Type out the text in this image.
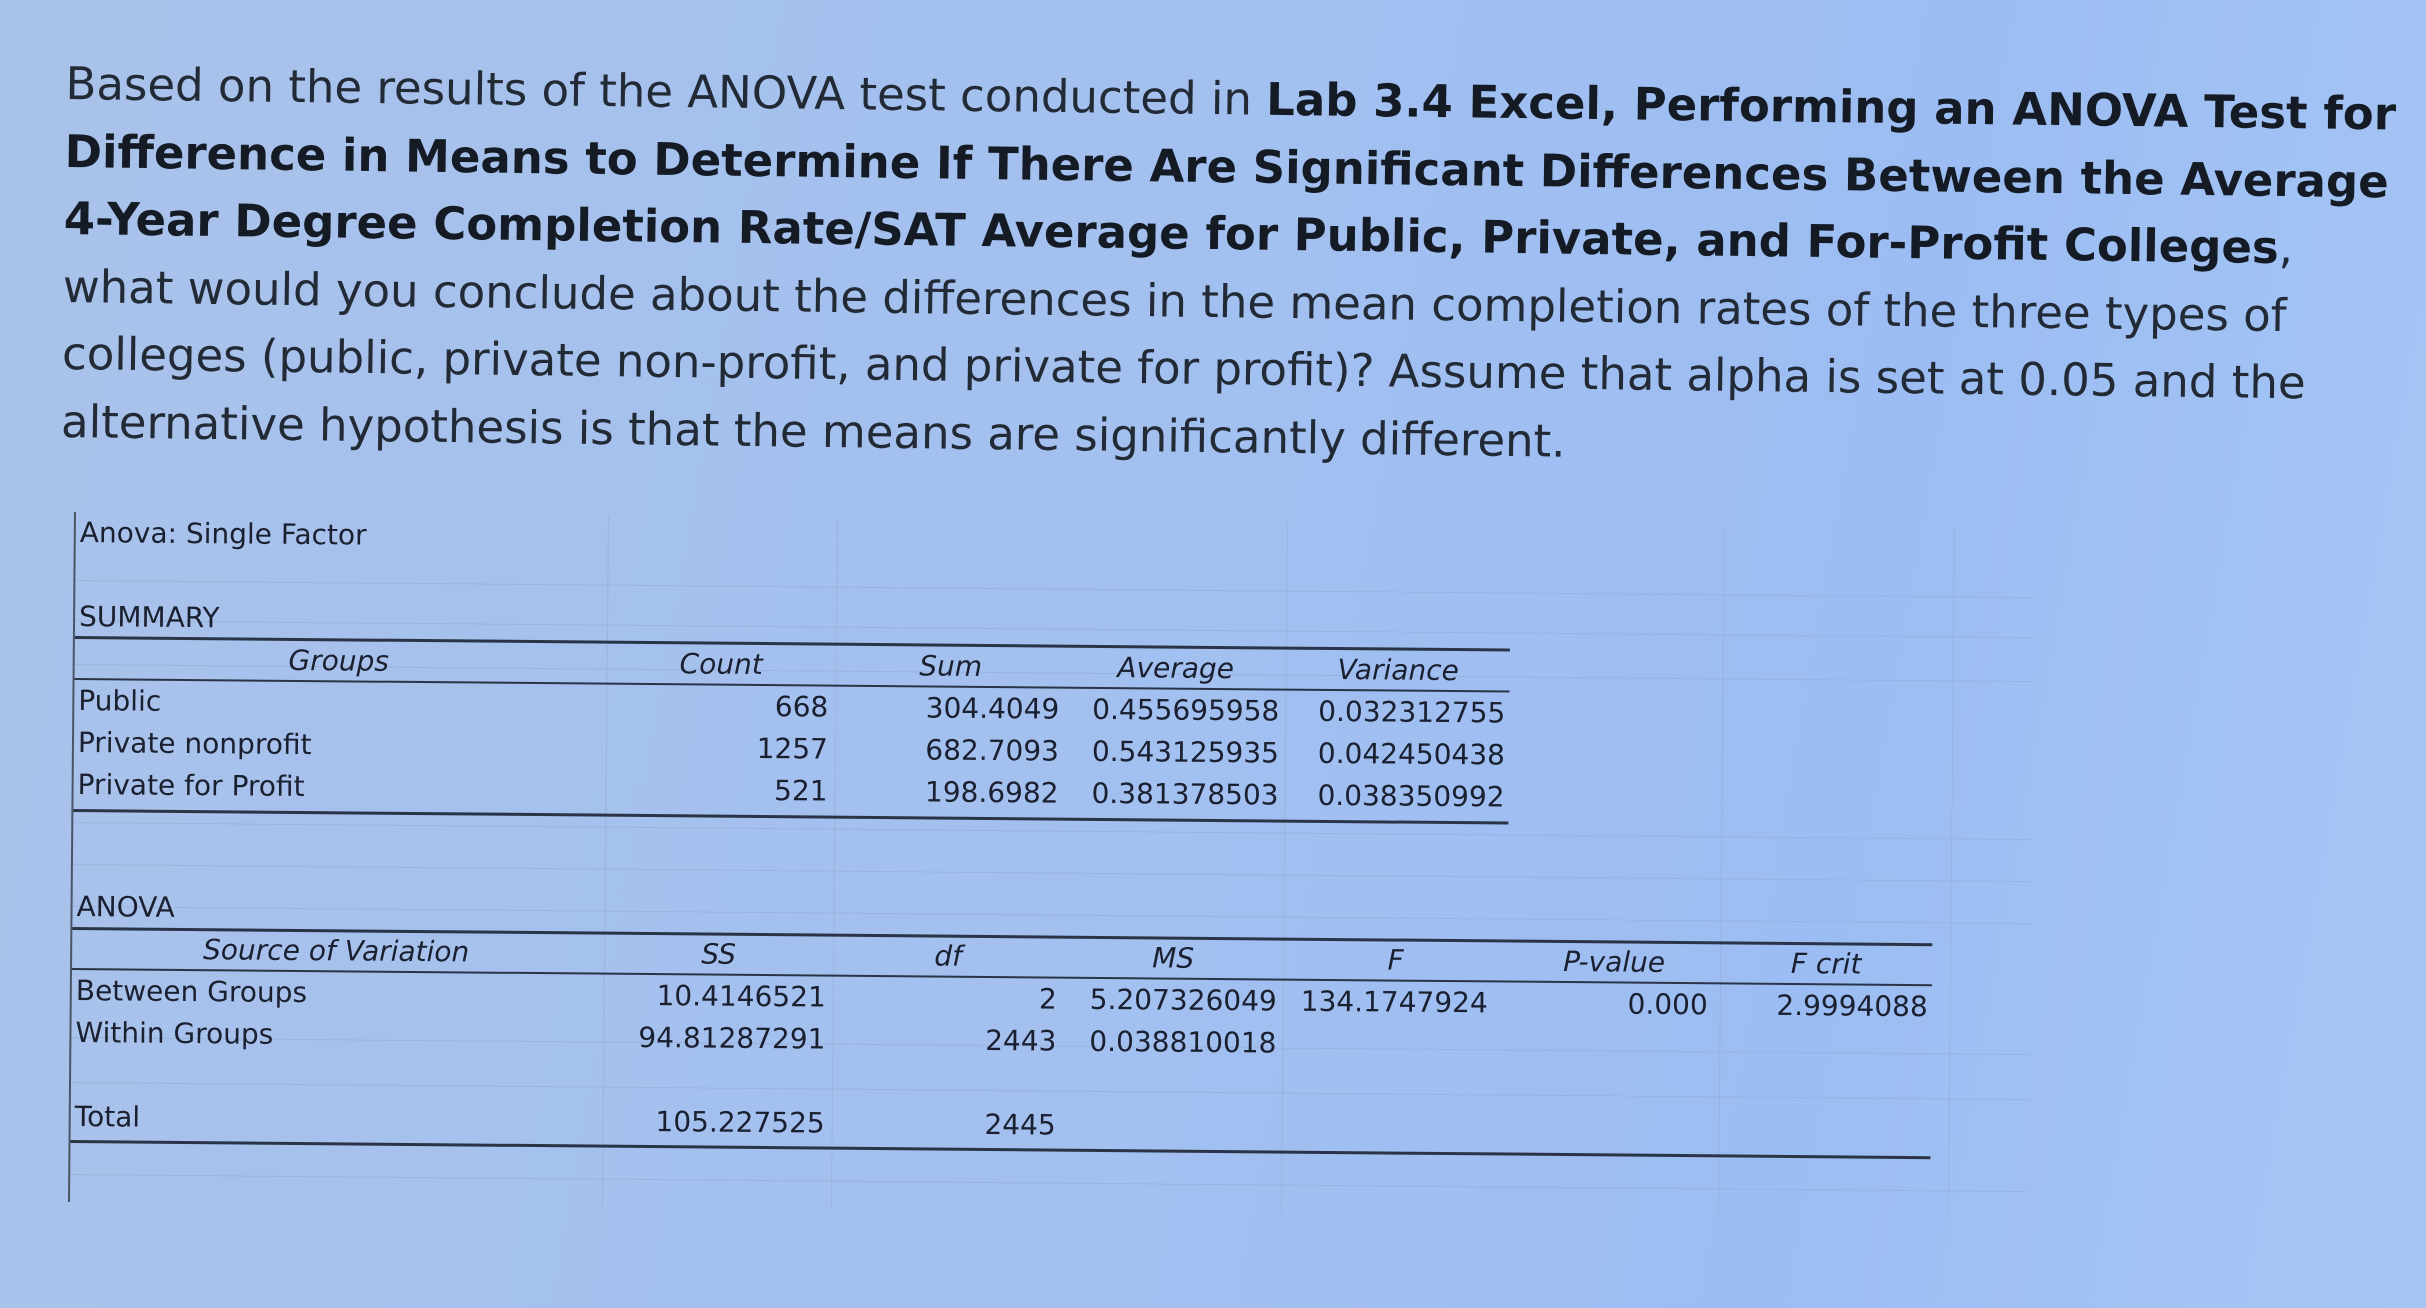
Based on the results of the ANOVA test conducted in Lab 3.4 Excel, Performing an ANOVA Test for Difference in Means to Determine If There Are Significant Differences Between the Average 4-Year Degree Completion Rate/SAT Average for Public, Private, and For-Profit Colleges, what would you conclude about the differences in the mean completion rates of the three types of colleges (public, private non-profit, and private for profit)? Assume that alpha is set at 0.05 and the alternative hypothesis is that the means are significantly different.
Anova: Single Factor
SUMMARY
Groups	Count	Sum	Average	Variance
Public	668	304.4049	0.455695958	0.032312755
Private nonprofit	1257	682.7093	0.543125935	0.042450438
Private for Profit	521	198.6982	0.381378503	0.038350992
ANOVA
Source of Variation	SS	df	MS	F	P-value	F crit
Between Groups	10.4146521	2	5.207326049 134.1747924	0.000	2.9994088
Within Groups	94.81287291	2443	0.038810018
Total	105.227525	2445
